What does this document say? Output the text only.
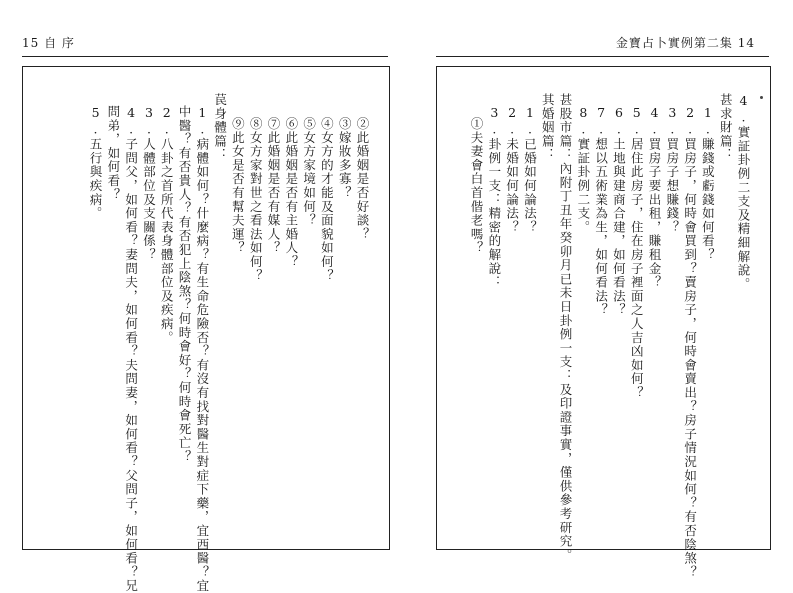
15 自 序	金寶占卜實例第二集 14
②此婚姻是否好談？
③嫁妝多寡？
④女方的才能及面貌如何？
⑤女方家境如何？
⑥此婚姻是否有主婚人？
⑦此婚姻是否有媒人？
⑧女方家對世之看法如何？
⑨此女是否有幫夫運？
苠身體篇：
1.病體如何？什麼病？有生命危險否？有沒有找對醫生對症下藥，宜西醫？宜
中醫？有否貴人？有否犯上陰煞？何時會好？何時會死亡？
2.八卦之首所代表身體部位及疾病。
3.人體部位及支關係？
4.子問父，如何看？妻問夫，如何看？夫問妻，如何看？父問子，如何看？兄
問弟，如何看？
5.五行與疾病。	4.實証卦例二支及精細解說。
甚求財篇：
1.賺錢或虧錢如何看？
2.買房子，何時會買到？賣房子，何時會賣出？房子情況如何？有否陰煞？
3.買房子想賺錢？
4.買房子要出租，賺租金？
5.居住此房子，住在房子裡面之人吉凶如何？
6.土地與建商合建，如何看法？
7.想以五術業為生，如何看法？
8.實証卦例二支。
甚股市篇：內附丁丑年癸卯月已未日卦例一支：及印證事實，僅供參考研究。
其婚姻篇：
1.已婚如何論法？
2.未婚如何論法？
3.卦例一支：精密的解說：
①夫妻會白首偕老嗎？
